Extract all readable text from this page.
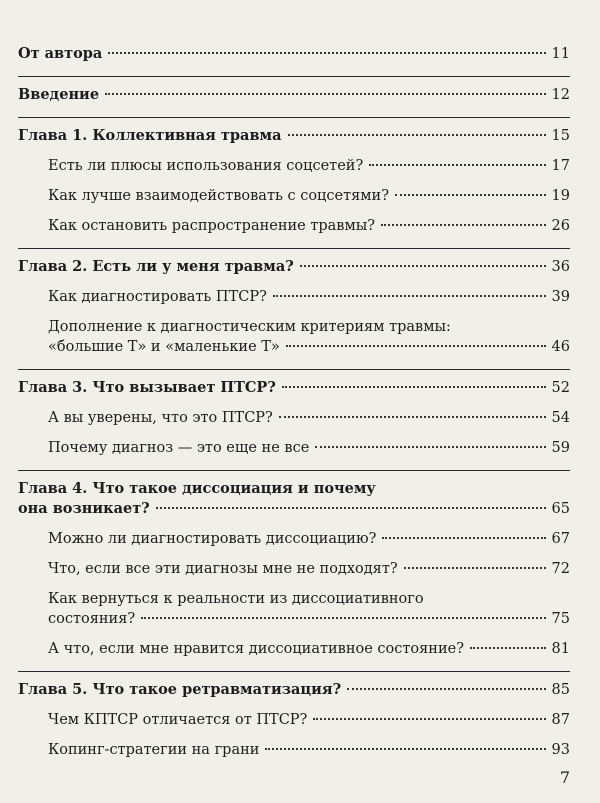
От автора	11
Введение	12
Глава 1. Коллективная травма	15
Есть ли плюсы использования соцсетей?	17
Как лучше взаимодействовать с соцсетями?	19
Как остановить распространение травмы?	26
Глава 2. Есть ли у меня травма?	36
Как диагностировать ПТСР?	39
Дополнение к диагностическим критериям травмы:
«большие Т» и «маленькие Т»	46
Глава 3. Что вызывает ПТСР?	52
А вы уверены, что это ПТСР?	54
Почему диагноз — это еще не все	59
Глава 4. Что такое диссоциация и почему
она возникает?	65
Можно ли диагностировать диссоциацию?	67
Что, если все эти диагнозы мне не подходят?	72
Как вернуться к реальности из диссоциативного
состояния?	75
А что, если мне нравится диссоциативное состояние?	81
Глава 5. Что такое ретравматизация?	85
Чем КПТСР отличается от ПТСР?	87
Копинг-стратегии на грани	93
7
